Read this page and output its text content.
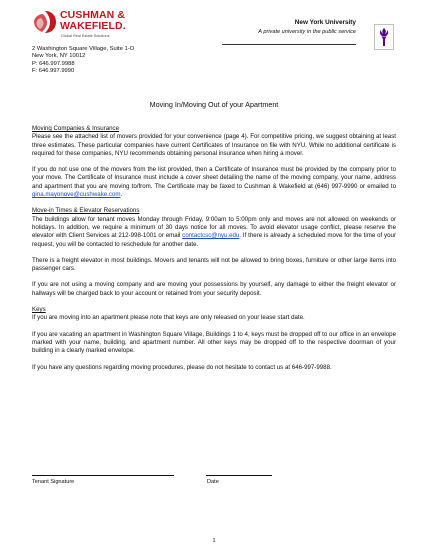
CUSHMAN &
WAKEFIELD.
Global Real Estate Solutions
2 Washington Square Village, Suite 1-O
New York, NY 10012
P: 646.997.9988
F: 646.997.9990
New York University
A private university in the public service
Moving In/Moving Out of your Apartment
Moving Companies & Insurance

Please see the attached list of movers provided for your convenience (page 4). For competitive pricing, we suggest obtaining at least three estimates. These particular companies have current Certificates of Insurance on file with NYU. While no additional certificate is required for these companies, NYU recommends obtaining personal insurance when hiring a mover.

If you do not use one of the movers from the list provided, then a Certificate of Insurance must be provided by the company prior to your move. The Certificate of Insurance must include a cover sheet detailing the name of the moving company, your name, address and apartment that you are moving to/from. The Certificate may be faxed to Cushman & Wakefield at (646) 997-9990 or emailed to gina.mayonove@cushwake.com.

Move-in Times & Elevator Reservations

The buildings allow for tenant moves Monday through Friday, 9:00am to 5:00pm only and moves are not allowed on weekends or holidays. In addition, we require a minimum of 30 days notice for all moves. To avoid elevator usage conflict, please reserve the elevator with Client Services at 212-998-1001 or email contactcsc@nyu.edu. If there is already a scheduled move for the time of your request, you will be contacted to reschedule for another date.

There is a freight elevator in most buildings. Movers and tenants will not be allowed to bring boxes, furniture or other large items into passenger cars.

If you are not using a moving company and are moving your possessions by yourself, any damage to either the freight elevator or hallways will be charged back to your account or retained from your security deposit.

Keys

If you are moving into an apartment please note that keys are only released on your lease start date.

If you are vacating an apartment in Washington Square Village, Buildings 1 to 4, keys must be dropped off to our office in an envelope marked with your name, building, and apartment number. All other keys may be dropped off to the respective doorman of your building in a clearly marked envelope.

If you have any questions regarding moving procedures, please do not hesitate to contact us at 646-997-9988.

Tenant Signature	Date
1
